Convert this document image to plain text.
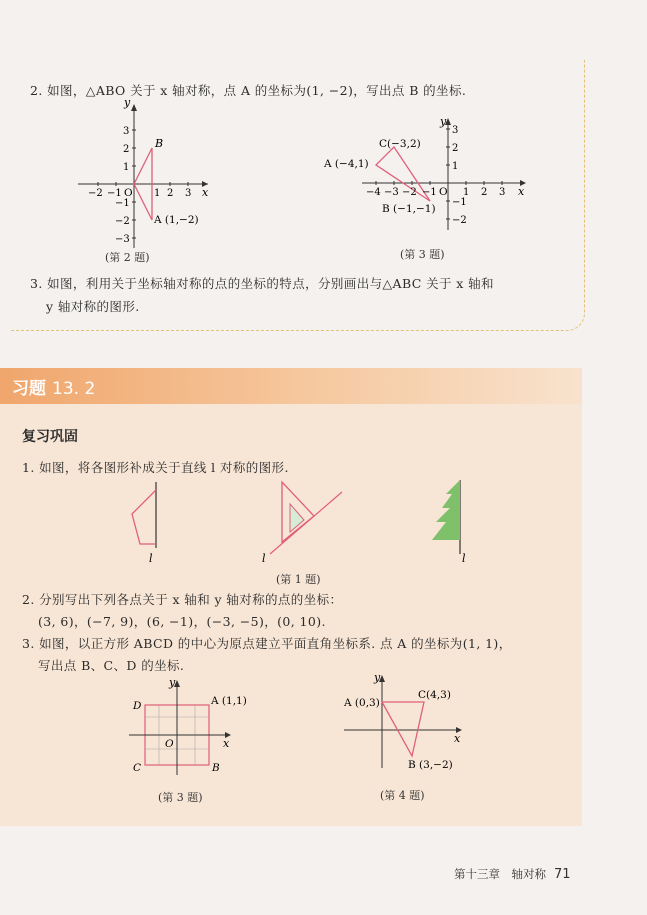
2. 如图，△ABO 关于 x 轴对称，点 A 的坐标为(1, −2)，写出点 B 的坐标.
y
x
O
−2 −1	1 2 3
3
2
1
−1
−2
−3
B
A (1,−2)
(第 2 题)
y
x
O
−4 −3 −2 −1	1 2 3
3
2
1
−1
−2
C(−3,2)
A (−4,1)
B (−1,−1)
(第 3 题)
3. 如图，利用关于坐标轴对称的点的坐标的特点，分别画出与△ABC 关于 x 轴和
y 轴对称的图形.
习题 13. 2
复习巩固
1. 如图，将各图形补成关于直线 l 对称的图形.
l	l	l
(第 1 题)
2. 分别写出下列各点关于 x 轴和 y 轴对称的点的坐标：
(3, 6)，(−7, 9)，(6, −1)，(−3, −5)，(0, 10).
3. 如图，以正方形 ABCD 的中心为原点建立平面直角坐标系. 点 A 的坐标为(1, 1)，
写出点 B、C、D 的坐标.
y
x
O
A (1,1)
B
C
D
(第 3 题)
y
x
A (0,3)
C(4,3)
B (3,−2)
(第 4 题)
第十三章　轴对称 71
